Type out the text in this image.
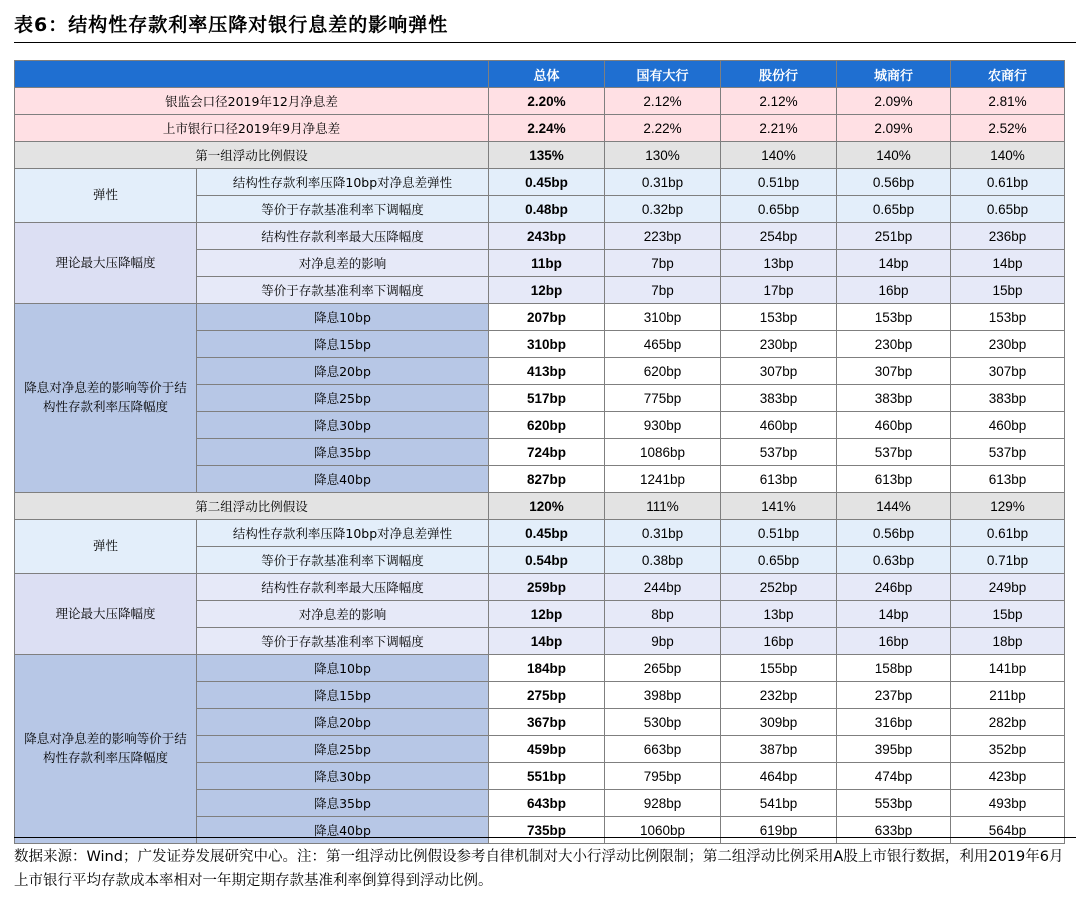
表6：结构性存款利率压降对银行息差的影响弹性
		总体	国有大行	股份行	城商行	农商行
银监会口径2019年12月净息差		2.20%	2.12%	2.12%	2.09%	2.81%
上市银行口径2019年9月净息差		2.24%	2.22%	2.21%	2.09%	2.52%
第一组浮动比例假设		135%	130%	140%	140%	140%
弹性	结构性存款利率压降10bp对净息差弹性	0.45bp	0.31bp	0.51bp	0.56bp	0.61bp
	等价于存款基准利率下调幅度	0.48bp	0.32bp	0.65bp	0.65bp	0.65bp
理论最大压降幅度	结构性存款利率最大压降幅度	243bp	223bp	254bp	251bp	236bp
	对净息差的影响	11bp	7bp	13bp	14bp	14bp
	等价于存款基准利率下调幅度	12bp	7bp	17bp	16bp	15bp
降息对净息差的影响等价于结构性存款利率压降幅度	降息10bp	207bp	310bp	153bp	153bp	153bp
	降息15bp	310bp	465bp	230bp	230bp	230bp
	降息20bp	413bp	620bp	307bp	307bp	307bp
	降息25bp	517bp	775bp	383bp	383bp	383bp
	降息30bp	620bp	930bp	460bp	460bp	460bp
	降息35bp	724bp	1086bp	537bp	537bp	537bp
	降息40bp	827bp	1241bp	613bp	613bp	613bp
第二组浮动比例假设		120%	111%	141%	144%	129%
弹性	结构性存款利率压降10bp对净息差弹性	0.45bp	0.31bp	0.51bp	0.56bp	0.61bp
	等价于存款基准利率下调幅度	0.54bp	0.38bp	0.65bp	0.63bp	0.71bp
理论最大压降幅度	结构性存款利率最大压降幅度	259bp	244bp	252bp	246bp	249bp
	对净息差的影响	12bp	8bp	13bp	14bp	15bp
	等价于存款基准利率下调幅度	14bp	9bp	16bp	16bp	18bp
降息对净息差的影响等价于结构性存款利率压降幅度	降息10bp	184bp	265bp	155bp	158bp	141bp
	降息15bp	275bp	398bp	232bp	237bp	211bp
	降息20bp	367bp	530bp	309bp	316bp	282bp
	降息25bp	459bp	663bp	387bp	395bp	352bp
	降息30bp	551bp	795bp	464bp	474bp	423bp
	降息35bp	643bp	928bp	541bp	553bp	493bp
	降息40bp	735bp	1060bp	619bp	633bp	564bp
数据来源：Wind；广发证券发展研究中心。注：第一组浮动比例假设参考自律机制对大小行浮动比例限制；第二组浮动比例采用A股上市银行数据，利用2019年6月上市银行平均存款成本率相对一年期定期存款基准利率倒算得到浮动比例。
